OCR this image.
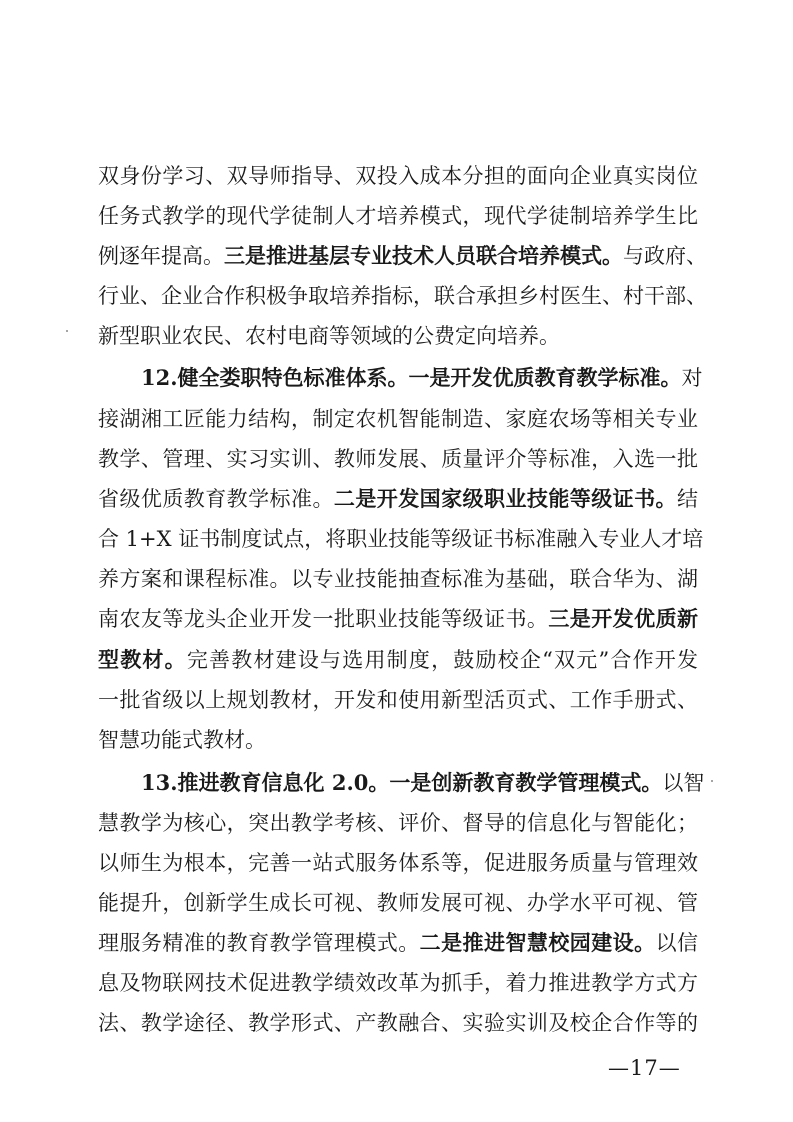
双身份学习、双导师指导、双投入成本分担的面向企业真实岗位
任务式教学的现代学徒制人才培养模式，现代学徒制培养学生比
例逐年提高。三是推进基层专业技术人员联合培养模式。与政府、
行业、企业合作积极争取培养指标，联合承担乡村医生、村干部、
新型职业农民、农村电商等领域的公费定向培养。
12.健全娄职特色标准体系。一是开发优质教育教学标准。对
接湖湘工匠能力结构，制定农机智能制造、家庭农场等相关专业
教学、管理、实习实训、教师发展、质量评介等标准，入选一批
省级优质教育教学标准。二是开发国家级职业技能等级证书。结
合 1+X 证书制度试点，将职业技能等级证书标准融入专业人才培
养方案和课程标准。以专业技能抽查标准为基础，联合华为、湖
南农友等龙头企业开发一批职业技能等级证书。三是开发优质新
型教材。完善教材建设与选用制度，鼓励校企“双元”合作开发
一批省级以上规划教材，开发和使用新型活页式、工作手册式、
智慧功能式教材。
13.推进教育信息化 2.0。一是创新教育教学管理模式。以智
慧教学为核心，突出教学考核、评价、督导的信息化与智能化；
以师生为根本，完善一站式服务体系等，促进服务质量与管理效
能提升，创新学生成长可视、教师发展可视、办学水平可视、管
理服务精准的教育教学管理模式。二是推进智慧校园建设。以信
息及物联网技术促进教学绩效改革为抓手，着力推进教学方式方
法、教学途径、教学形式、产教融合、实验实训及校企合作等的
—17—
